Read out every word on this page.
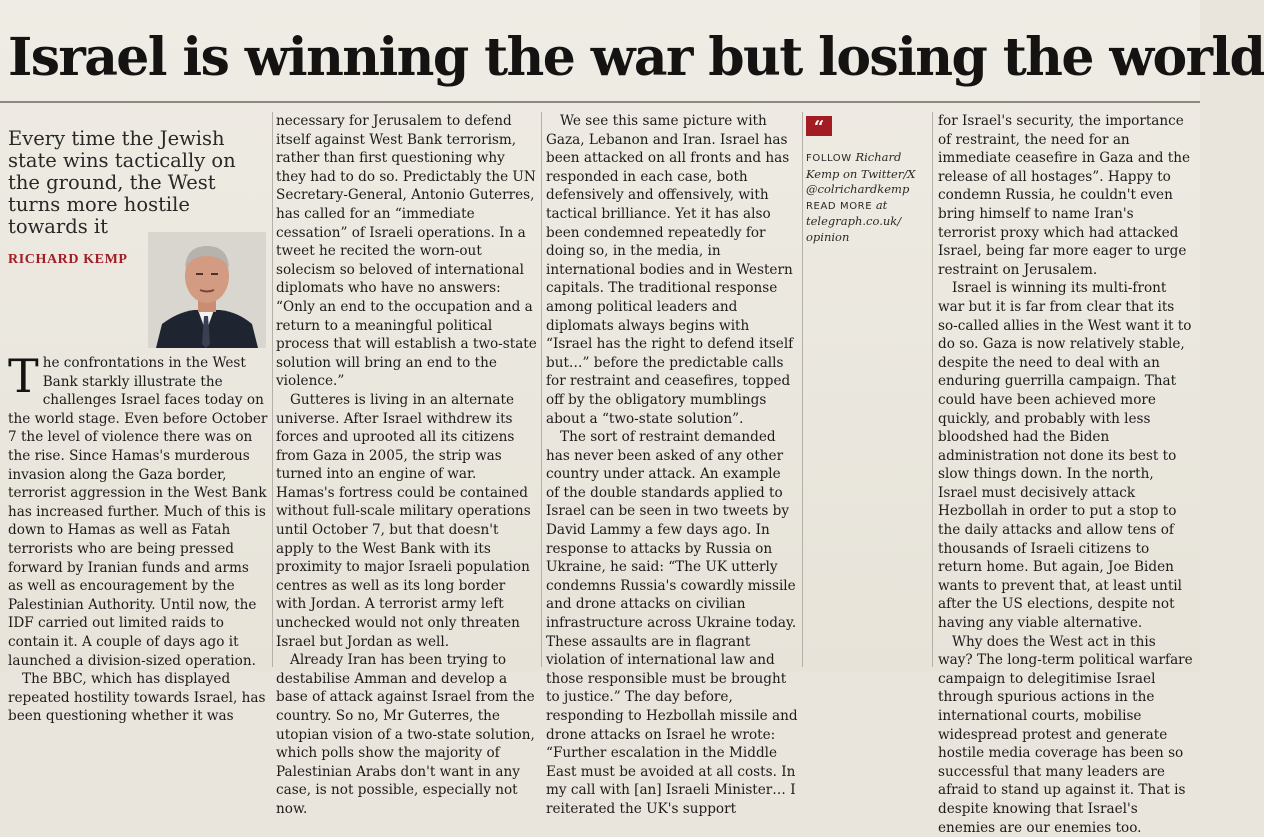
Israel is winning the war but losing the world
Every time the Jewish state wins tactically on the ground, the West turns more hostile towards it
RICHARD KEMP

The confrontations in the West Bank starkly illustrate the challenges Israel faces today on the world stage. Even before October 7 the level of violence there was on the rise. Since Hamas's murderous invasion along the Gaza border, terrorist aggression in the West Bank has increased further. Much of this is down to Hamas as well as Fatah terrorists who are being pressed forward by Iranian funds and arms as well as encouragement by the Palestinian Authority. Until now, the IDF carried out limited raids to contain it. A couple of days ago it launched a division-sized operation.

The BBC, which has displayed repeated hostility towards Israel, has been questioning whether it was

necessary for Jerusalem to defend itself against West Bank terrorism, rather than first questioning why they had to do so. Predictably the UN Secretary-General, Antonio Guterres, has called for an “immediate cessation” of Israeli operations. In a tweet he recited the worn-out solecism so beloved of international diplomats who have no answers: “Only an end to the occupation and a return to a meaningful political process that will establish a two-state solution will bring an end to the violence.”

Gutteres is living in an alternate universe. After Israel withdrew its forces and uprooted all its citizens from Gaza in 2005, the strip was turned into an engine of war. Hamas's fortress could be contained without full-scale military operations until October 7, but that doesn't apply to the West Bank with its proximity to major Israeli population centres as well as its long border with Jordan. A terrorist army left unchecked would not only threaten Israel but Jordan as well.

Already Iran has been trying to destabilise Amman and develop a base of attack against Israel from the country. So no, Mr Guterres, the utopian vision of a two-state solution, which polls show the majority of Palestinian Arabs don't want in any case, is not possible, especially not now.

We see this same picture with Gaza, Lebanon and Iran. Israel has been attacked on all fronts and has responded in each case, both defensively and offensively, with tactical brilliance. Yet it has also been condemned repeatedly for doing so, in the media, in international bodies and in Western capitals. The traditional response among political leaders and diplomats always begins with “Israel has the right to defend itself but…” before the predictable calls for restraint and ceasefires, topped off by the obligatory mumblings about a “two-state solution”.

The sort of restraint demanded has never been asked of any other country under attack. An example of the double standards applied to Israel can be seen in two tweets by David Lammy a few days ago. In response to attacks by Russia on Ukraine, he said: “The UK utterly condemns Russia's cowardly missile and drone attacks on civilian infrastructure across Ukraine today. These assaults are in flagrant violation of international law and those responsible must be brought to justice.” The day before, responding to Hezbollah missile and drone attacks on Israel he wrote: “Further escalation in the Middle East must be avoided at all costs. In my call with [an] Israeli Minister… I reiterated the UK's support

“
FOLLOW Richard Kemp on Twitter/X
@colrichardkemp
READ MORE at
telegraph.co.uk/ opinion

for Israel's security, the importance of restraint, the need for an immediate ceasefire in Gaza and the release of all hostages”. Happy to condemn Russia, he couldn't even bring himself to name Iran's terrorist proxy which had attacked Israel, being far more eager to urge restraint on Jerusalem.

Israel is winning its multi-front war but it is far from clear that its so-called allies in the West want it to do so. Gaza is now relatively stable, despite the need to deal with an enduring guerrilla campaign. That could have been achieved more quickly, and probably with less bloodshed had the Biden administration not done its best to slow things down. In the north, Israel must decisively attack Hezbollah in order to put a stop to the daily attacks and allow tens of thousands of Israeli citizens to return home. But again, Joe Biden wants to prevent that, at least until after the US elections, despite not having any viable alternative.

Why does the West act in this way? The long-term political warfare campaign to delegitimise Israel through spurious actions in the international courts, mobilise widespread protest and generate hostile media coverage has been so successful that many leaders are afraid to stand up against it. That is despite knowing that Israel's enemies are our enemies too.
